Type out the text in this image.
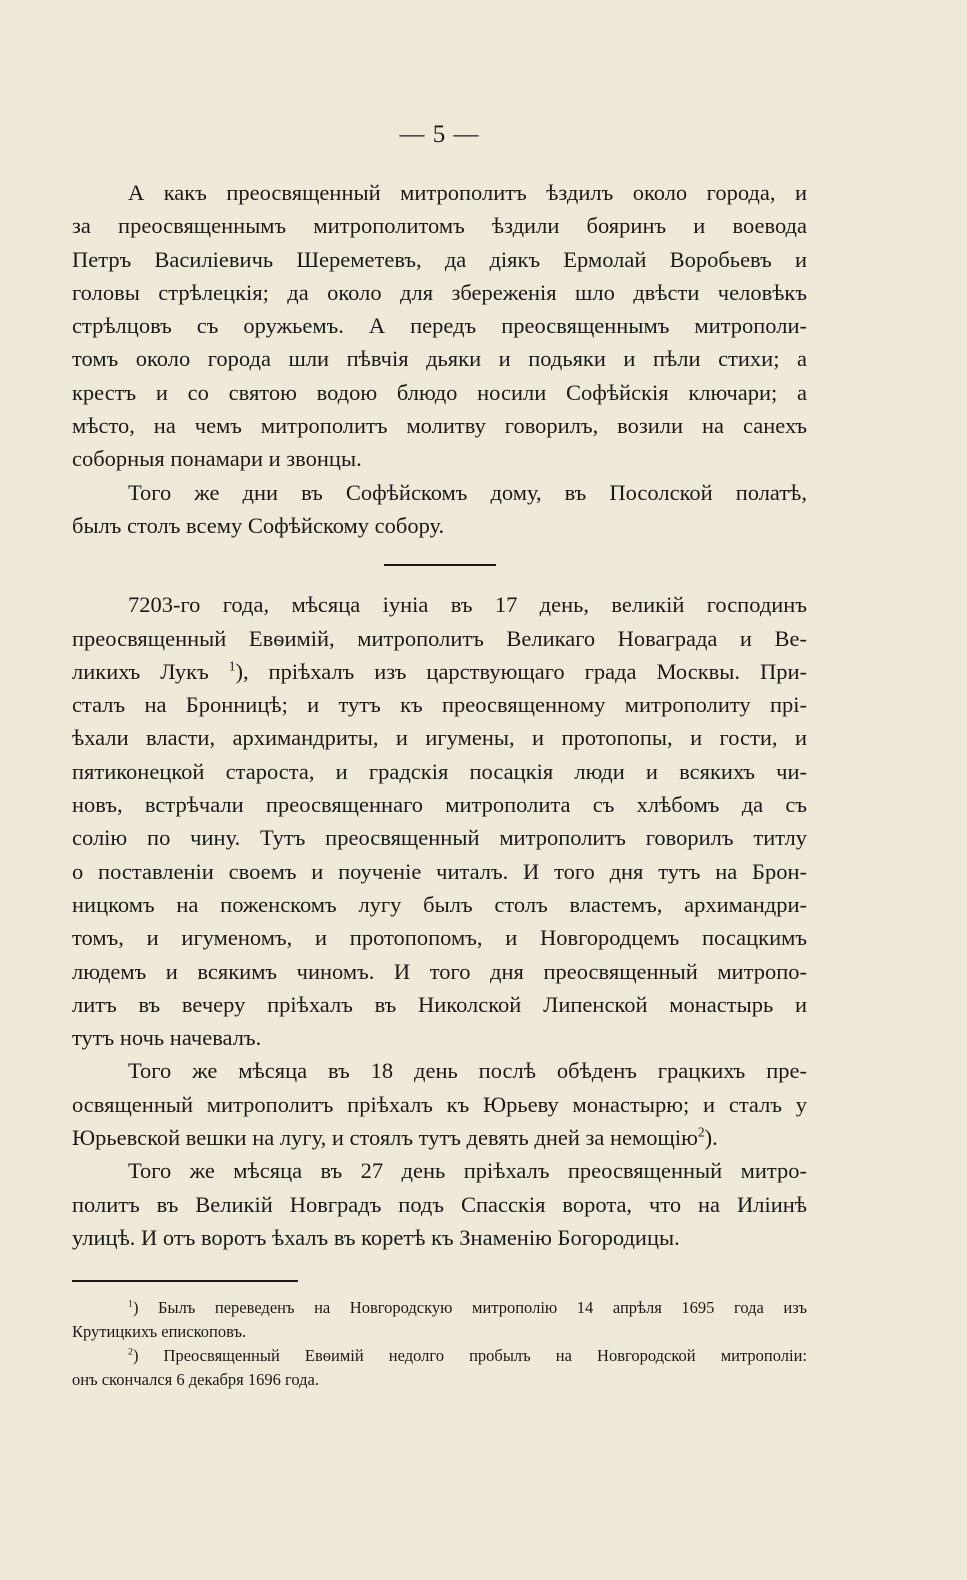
— 5 —

А какъ преосвященный митрополитъ ѣздилъ около города, и
за преосвященнымъ митрополитомъ ѣздили бояринъ и воевода
Петръ Василіевичь Шереметевъ, да діякъ Ермолай Воробьевъ и
головы стрѣлецкія; да около для збереженія шло двѣсти человѣкъ
стрѣлцовъ съ оружьемъ. А передъ преосвященнымъ митрополи-
томъ около города шли пѣвчія дьяки и подьяки и пѣли стихи; а
крестъ и со святою водою блюдо носили Софѣйскія ключари; а
мѣсто, на чемъ митрополитъ молитву говорилъ, возили на санехъ
соборныя понамари и звонцы.

Того же дни въ Софѣйскомъ дому, въ Посолской полатѣ,
былъ столъ всему Софѣйскому собору.

7203-го года, мѣсяца іуніа въ 17 день, великій господинъ
преосвященный Евѳимій, митрополитъ Великаго Новаграда и Ве-
ликихъ Лукъ $^1$), пріѣхалъ изъ царствующаго града Москвы. При-
сталъ на Бронницѣ; и тутъ къ преосвященному митрополиту прі-
ѣхали власти, архимандриты, и игумены, и протопопы, и гости, и
пятиконецкой староста, и градскія посацкія люди и всякихъ чи-
новъ, встрѣчали преосвященнаго митрополита съ хлѣбомъ да съ
солію по чину. Тутъ преосвященный митрополитъ говорилъ титлу
о поставленіи своемъ и поученіе читалъ. И того дня тутъ на Брон-
ницкомъ на поженскомъ лугу былъ столъ властемъ, архимандри-
томъ, и игуменомъ, и протопопомъ, и Новгородцемъ посацкимъ
людемъ и всякимъ чиномъ. И того дня преосвященный митропо-
литъ въ вечеру пріѣхалъ въ Николской Липенской монастырь и
тутъ ночь начевалъ.

Того же мѣсяца въ 18 день послѣ обѣденъ грацкихъ пре-
освященный митрополитъ пріѣхалъ къ Юрьеву монастырю; и сталъ у
Юрьевской вешки на лугу, и стоялъ тутъ девять дней за немощію$^2$).

Того же мѣсяца въ 27 день пріѣхалъ преосвященный митро-
политъ въ Великій Новградъ подъ Спасскія ворота, что на Иліинѣ
улицѣ. И отъ воротъ ѣхалъ въ коретѣ къ Знаменію Богородицы.

$^1$) Былъ переведенъ на Новгородскую митрополію 14 апрѣля 1695 года изъ
Крутицкихъ епископовъ.

$^2$) Преосвященный Евѳимій недолго пробылъ на Новгородской митрополіи:
онъ скончался 6 декабря 1696 года.
